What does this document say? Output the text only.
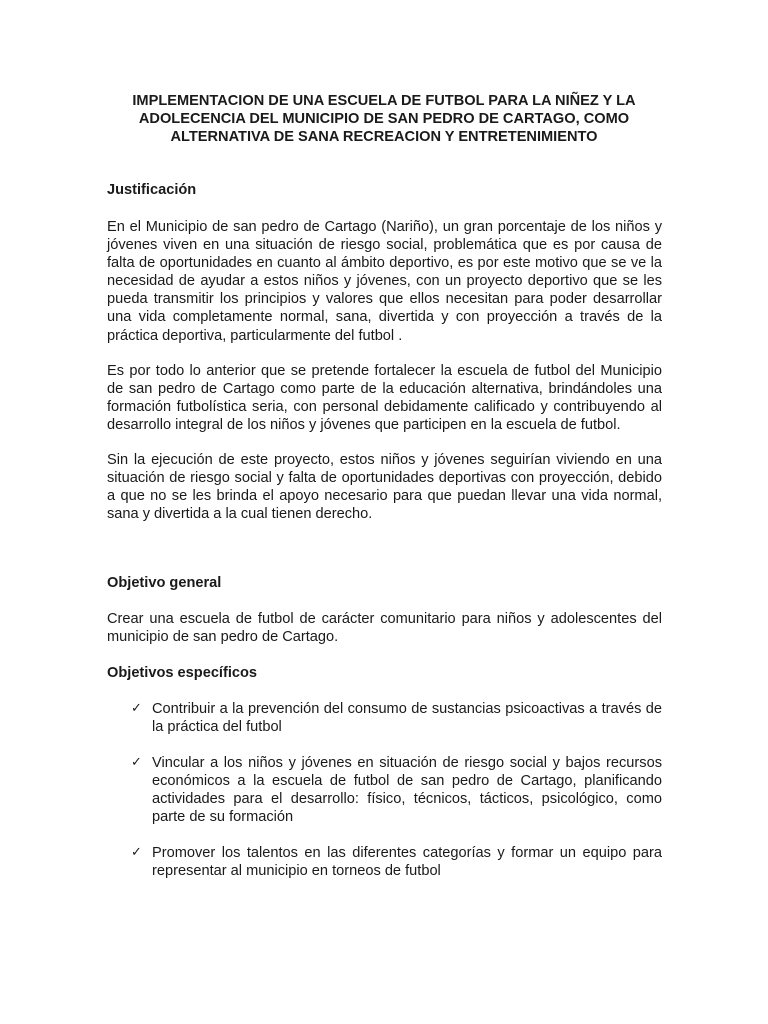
IMPLEMENTACION DE UNA ESCUELA DE FUTBOL PARA LA NIÑEZ Y LA ADOLECENCIA DEL MUNICIPIO DE SAN PEDRO DE CARTAGO, COMO ALTERNATIVA DE SANA RECREACION Y ENTRETENIMIENTO
Justificación

En el Municipio de san pedro de Cartago (Nariño), un gran porcentaje de los niños y jóvenes viven en una situación de riesgo social, problemática que es por causa de falta de oportunidades en cuanto al ámbito deportivo, es por este motivo que se ve la necesidad de ayudar a estos niños y jóvenes, con un proyecto deportivo que se les pueda transmitir los principios y valores que ellos necesitan para poder desarrollar una vida completamente normal, sana, divertida y con proyección a través de la práctica deportiva, particularmente del futbol .

Es por todo lo anterior que se pretende fortalecer la escuela de futbol del Municipio de san pedro de Cartago como parte de la educación alternativa, brindándoles una formación futbolística seria, con personal debidamente calificado y contribuyendo al desarrollo integral de los niños y jóvenes que participen en la escuela de futbol.

Sin la ejecución de este proyecto, estos niños y jóvenes seguirían viviendo en una situación de riesgo social y falta de oportunidades deportivas con proyección, debido a que no se les brinda el apoyo necesario para que puedan llevar una vida normal, sana y divertida a la cual tienen derecho.

Objetivo general

Crear una escuela de futbol de carácter comunitario para niños y adolescentes del municipio de san pedro de Cartago.

Objetivos específicos
✓ Contribuir a la prevención del consumo de sustancias psicoactivas a través de la práctica del futbol
✓ Vincular a los niños y jóvenes en situación de riesgo social y bajos recursos económicos a la escuela de futbol de san pedro de Cartago, planificando actividades para el desarrollo: físico, técnicos, tácticos, psicológico, como parte de su formación
✓ Promover los talentos en las diferentes categorías y formar un equipo para representar al municipio en torneos de futbol
